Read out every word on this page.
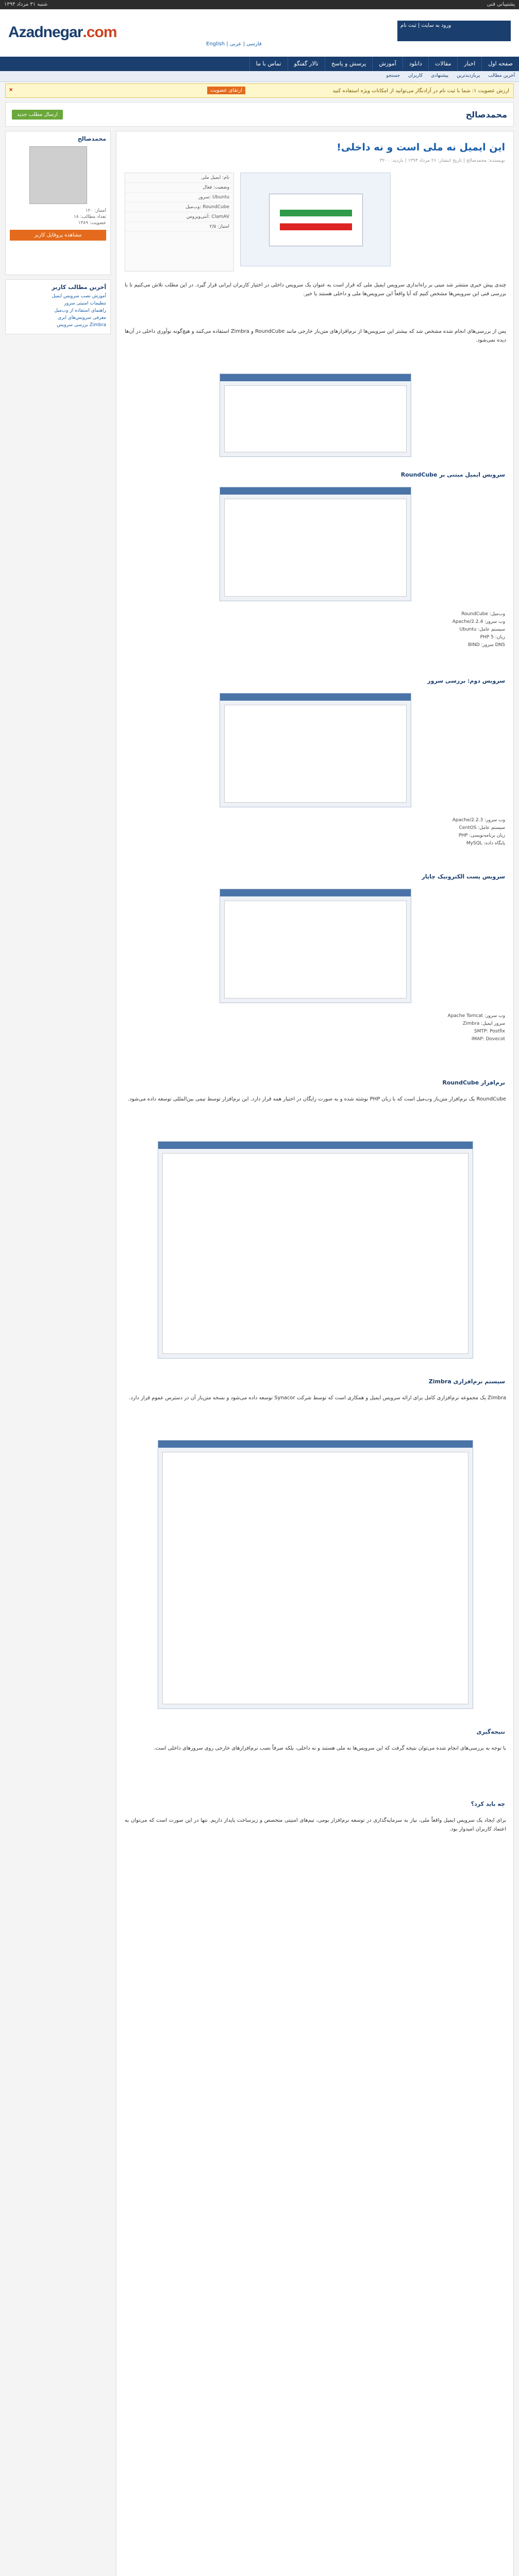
شنبه ۳۱ مرداد ۱۳۹۴	پشتیبانی فنی
Azadnegar.com
English | فارسی | عربی
ورود به سایت | ثبت نام
صفحه اول
اخبار
مقالات
دانلود
آموزش
پرسش و پاسخ
تالار گفتگو
تماس با ما
آخرین مطالب
پربازدیدترین
پیشنهادی
کاربران
جستجو
ارزش عضویت ۱: شما با ثبت نام در آزادنگار می‌توانید از امکانات ویژه استفاده کنید
ارتقای عضویت
×
محمدصالح
ارسال مطلب جدید
محمدصالح
امتیاز: ۱۲۰
تعداد مطالب: ۱۸
عضویت: ۱۳۸۹
مشاهده پروفایل کاربر
آخرین مطالب کاربر
آموزش نصب سرویس ایمیل
تنظیمات امنیتی سرور
راهنمای استفاده از وب‌میل
معرفی سرویس‌های ابری
بررسی سرویس Zimbra
این ایمیل نه ملی است و نه داخلی!
نویسنده: محمدصالح | تاریخ انتشار: ۲۶ مرداد ۱۳۹۴ | بازدید: ۳۲۰۰
نام: ایمیل ملی
وضعیت: فعال
سرور: Ubuntu
وب‌میل: RoundCube
آنتی‌ویروس: ClamAV
امتیاز: ۲/۵
چندی پیش خبری منتشر شد مبنی بر راه‌اندازی سرویس ایمیل ملی که قرار است به عنوان یک سرویس داخلی در اختیار کاربران ایرانی قرار گیرد. در این مطلب تلاش می‌کنیم تا با بررسی فنی این سرویس‌ها مشخص کنیم که آیا واقعاً این سرویس‌ها ملی و داخلی هستند یا خیر.
پس از بررسی‌های انجام شده مشخص شد که بیشتر این سرویس‌ها از نرم‌افزارهای متن‌باز خارجی مانند RoundCube و Zimbra استفاده می‌کنند و هیچ‌گونه نوآوری داخلی در آن‌ها دیده نمی‌شود.
سرویس ایمیل مبتنی بر RoundCube
وب‌میل: RoundCube
وب سرور: Apache/2.2.4
سیستم عامل: Ubuntu
زبان: PHP 5
DNS سرور: BIND
سرویس دوم: بررسی سرور
وب سرور: Apache/2.2.3
سیستم عامل: CentOS
زبان برنامه‌نویسی: PHP
پایگاه داده: MySQL
سرویس پست الکترونیک چاپار
وب سرور: Apache Tomcat
سرور ایمیل: Zimbra
SMTP: Postfix
IMAP: Dovecot
نرم‌افزار RoundCube
RoundCube یک نرم‌افزار متن‌باز وب‌میل است که با زبان PHP نوشته شده و به صورت رایگان در اختیار همه قرار دارد. این نرم‌افزار توسط تیمی بین‌المللی توسعه داده می‌شود.
سیستم نرم‌افزاری Zimbra
Zimbra یک مجموعه نرم‌افزاری کامل برای ارائه سرویس ایمیل و همکاری است که توسط شرکت Synacor توسعه داده می‌شود و نسخه متن‌باز آن در دسترس عموم قرار دارد.
نتیجه‌گیری
با توجه به بررسی‌های انجام شده می‌توان نتیجه گرفت که این سرویس‌ها نه ملی هستند و نه داخلی، بلکه صرفاً نصب نرم‌افزارهای خارجی روی سرورهای داخلی است.
چه باید کرد؟
برای ایجاد یک سرویس ایمیل واقعاً ملی، نیاز به سرمایه‌گذاری در توسعه نرم‌افزار بومی، تیم‌های امنیتی متخصص و زیرساخت پایدار داریم. تنها در این صورت است که می‌توان به اعتماد کاربران امیدوار بود.
